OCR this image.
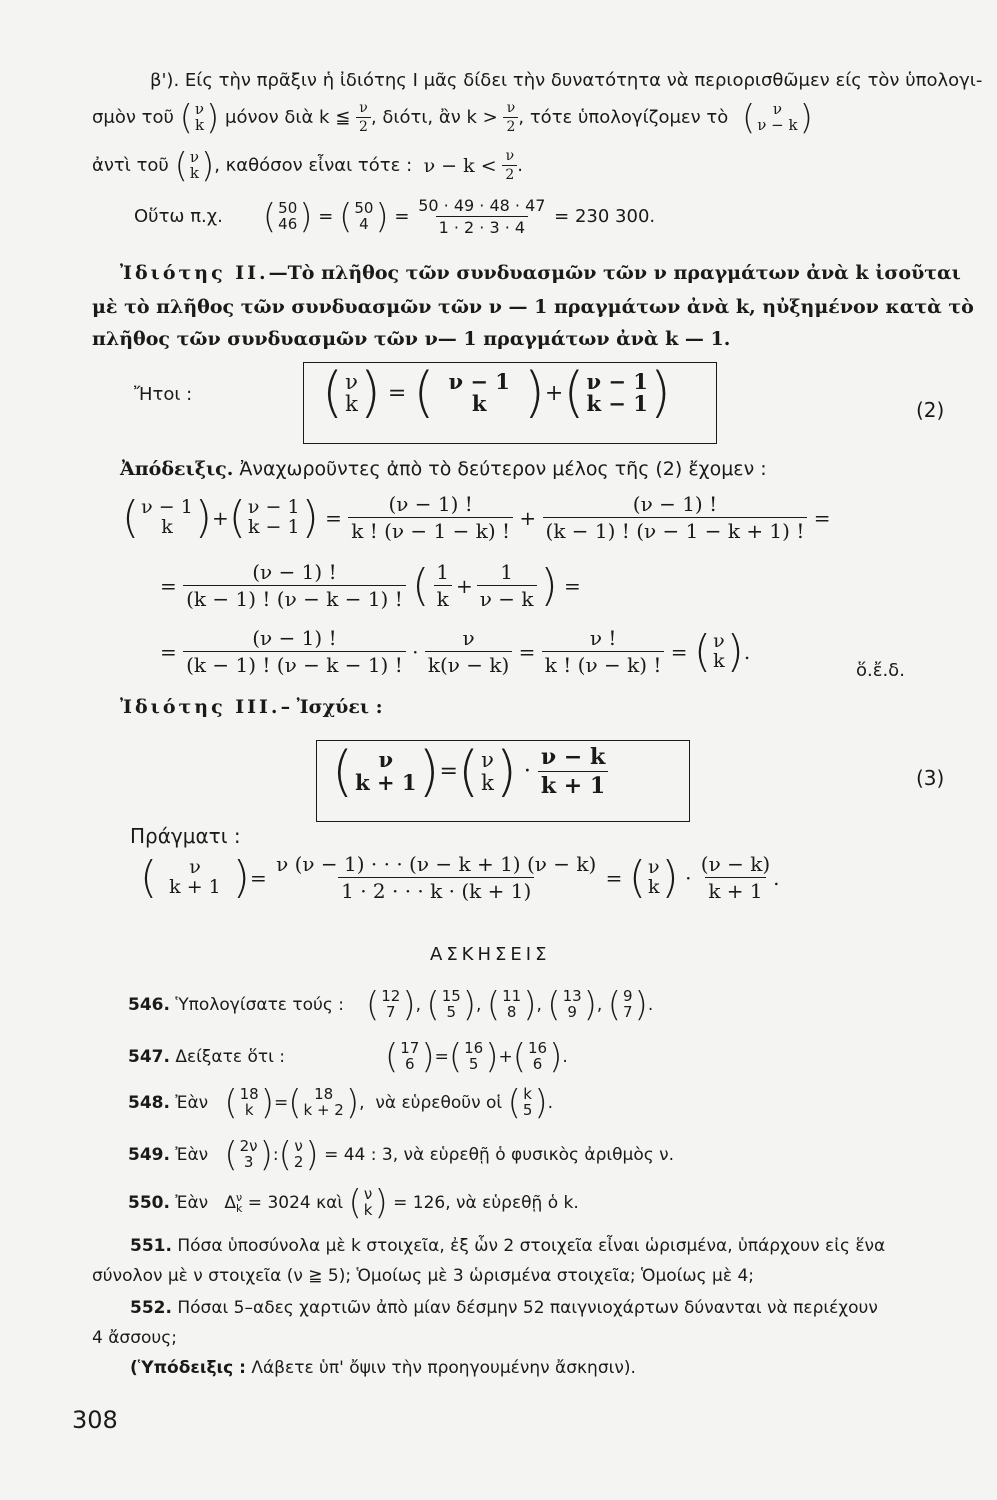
β'). Είς τὴν πρᾶξιν ἡ ἰδιότης Ι μᾶς δίδει τὴν δυνατότητα νὰ περιορισθῶμεν είς τὸν ὑπολογι-
σμὸν τοῦ
( ν
k )
μόνον διὰ k ≦
$\frac{\nu}{2}$ , διότι, ἂν k >
$\frac{\nu}{2}$ , τότε ὑπολογίζομεν τὸ
( ν
ν − k )
ἀντὶ τοῦ
( ν
k ) , καθόσον εἶναι τότε :
ν − k <
$\frac{\nu}{2}$ .
Οὕτω π.χ. ( 50
46 ) = ( 50
4 ) = $\frac{50 \cdot 49 \cdot 48 \cdot 47}{1 \cdot 2 \cdot 3 \cdot 4}$
= 230 300.
Ἰδιότης ΙΙ.—Τὸ πλῆθος τῶν συνδυασμῶν τῶν ν πραγμάτων ἀνὰ k ἰσοῦται
μὲ τὸ πλῆθος τῶν συνδυασμῶν τῶν ν — 1 πραγμάτων ἀνὰ k, ηὐξημένον κατὰ τὸ
πλῆθος τῶν συνδυασμῶν τῶν ν— 1 πραγμάτων ἀνὰ k — 1.
Ἤτοι : ( ν
k ) = ( ν − 1
k ) + ( ν − 1
k − 1 )	(2)
Ἀπόδειξις.
Ἀναχωροῦντες ἀπὸ τὸ δεύτερον μέλος τῆς (2) ἔχομεν :
( ν − 1
k ) + ( ν − 1
k − 1 ) = $\frac{(\nu - 1) !}{k ! (\nu - 1 - k) !} + \frac{(\nu - 1) !}{(k - 1) ! (\nu - 1 - k + 1) !}$ =
= $\frac{(\nu - 1) !}{(k - 1) ! (\nu - k - 1) !}$
( $\frac{1}{k} + \frac{1}{\nu - k}$ ) =
= $\frac{(\nu - 1) !}{(k - 1) ! (\nu - k - 1) !} \cdot \frac{\nu}{k(\nu - k)} = \frac{\nu !}{k ! (\nu - k) !}$ = ( ν
k ) .
ὅ.ἔ.δ.
Ἰδιότης ΙΙΙ. – Ἰσχύει :
( ν
k + 1 ) = ( ν
k ) · $\frac{\nu - k}{k + 1}$	(3)
Πράγματι :
( ν
k + 1 ) = $\frac{\nu (\nu - 1) \cdot \cdot \cdot (\nu - k + 1) (\nu - k)}{1 \cdot 2 \cdot \cdot \cdot k \cdot (k + 1)}$ = ( ν
k ) · $\frac{(\nu - k)}{k + 1}$ .
ΑΣΚΗΣΕΙΣ
546.
Ὑπολογίσατε τούς : ( 12
7 ) , ( 15
5 ) , ( 11
8 ) , ( 13
9 ) , ( 9
7 ) .
547.
Δείξατε ὅτι :	( 17
6 ) = ( 16
5 ) + ( 16
6 ) .
548.
Ἐὰν
( 18
k ) = ( 18
k + 2 ) , νὰ εὑρεθοῦν οἱ
( k
5 ) .
549.
Ἐὰν
( 2ν
3 ) : ( ν
2 )
= 44 : 3, νὰ εὑρεθῇ ὁ φυσικὸς ἀριθμὸς ν.
550.
Ἐὰν
Δ ν
k
= 3024 καὶ
( ν
k )
= 126, νὰ εὑρεθῇ ὁ k.
551.
Πόσα ὑποσύνολα μὲ k στοιχεῖα, ἐξ ὧν 2 στοιχεῖα εἶναι ὡρισμένα, ὑπάρχουν εἰς ἕνα
σύνολον μὲ ν στοιχεῖα (ν ≧ 5); Ὁμοίως μὲ 3 ὡρισμένα στοιχεῖα; Ὁμοίως μὲ 4;
552.
Πόσαι 5–αδες χαρτιῶν ἀπὸ μίαν δέσμην 52 παιγνιοχάρτων δύνανται νὰ περιέχουν
4 ἄσσους;
(Ὑπόδειξις :
Λάβετε ὑπ' ὄψιν τὴν προηγουμένην ἄσκησιν).
308
